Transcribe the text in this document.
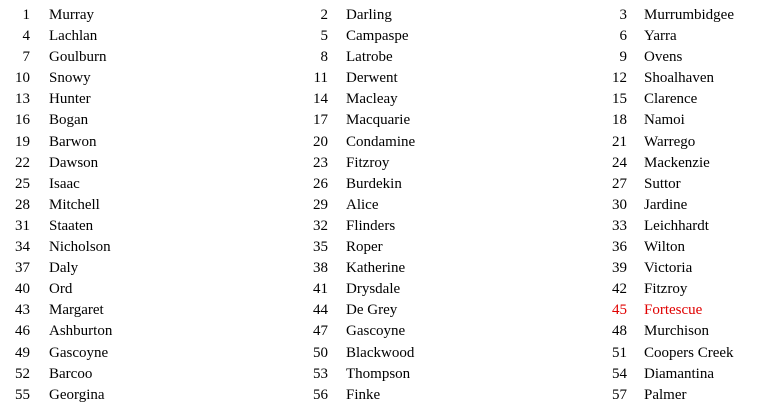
1 Murray	2 Darling	3 Murrumbidgee
4 Lachlan	5 Campaspe	6 Yarra
7 Goulburn	8 Latrobe	9 Ovens
10 Snowy	11 Derwent	12 Shoalhaven
13 Hunter	14 Macleay	15 Clarence
16 Bogan	17 Macquarie	18 Namoi
19 Barwon	20 Condamine	21 Warrego
22 Dawson	23 Fitzroy	24 Mackenzie
25 Isaac	26 Burdekin	27 Suttor
28 Mitchell	29 Alice	30 Jardine
31 Staaten	32 Flinders	33 Leichhardt
34 Nicholson	35 Roper	36 Wilton
37 Daly	38 Katherine	39 Victoria
40 Ord	41 Drysdale	42 Fitzroy
43 Margaret	44 De Grey	45 Fortescue
46 Ashburton	47 Gascoyne	48 Murchison
49 Gascoyne	50 Blackwood	51 Coopers Creek
52 Barcoo	53 Thompson	54 Diamantina
55 Georgina	56 Finke	57 Palmer
